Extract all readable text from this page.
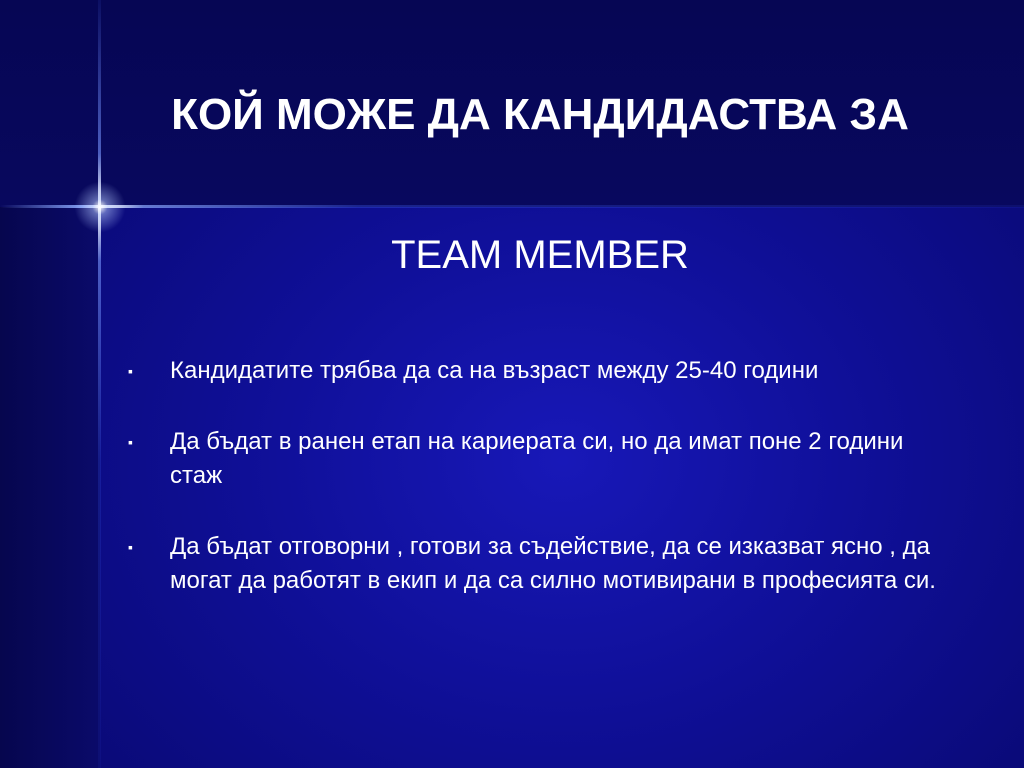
КОЙ МОЖЕ ДА КАНДИДАСТВА ЗА
TEAM MEMBER
▪	Кандидатите трябва да са на възраст между 25-40 години
▪	Да бъдат в ранен етап на кариерата си, но да имат поне 2 години стаж
▪	Да бъдат отговорни , готови за съдействие, да се изказват ясно , да могат да работят в екип и да са силно мотивирани в професията си.
